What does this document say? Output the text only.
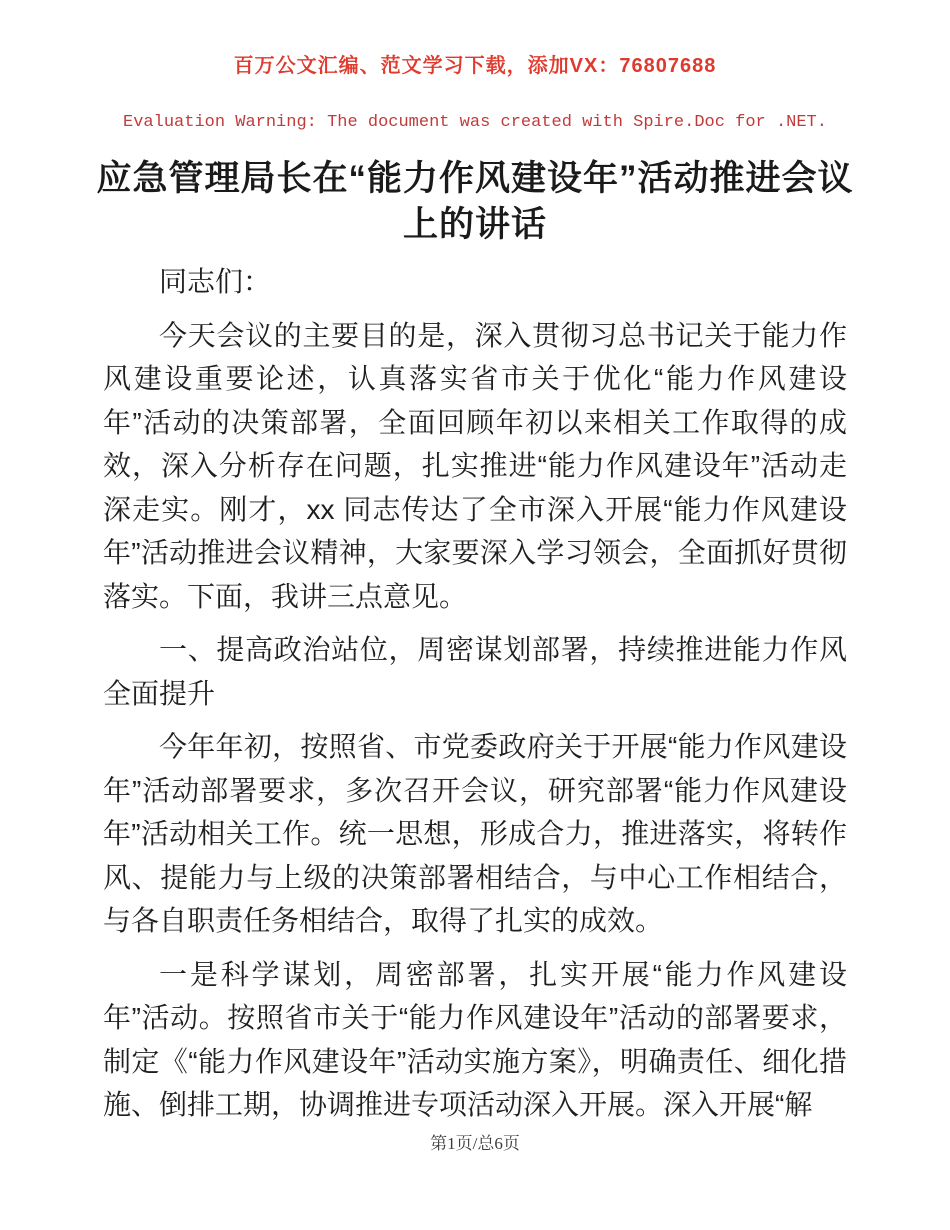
百万公文汇编、范文学习下载，添加VX：76807688
Evaluation Warning: The document was created with Spire.Doc for .NET.
应急管理局长在“能力作风建设年”活动推进会议上的讲话

同志们：

今天会议的主要目的是，深入贯彻习总书记关于能力作风建设重要论述，认真落实省市关于优化“能力作风建设年”活动的决策部署，全面回顾年初以来相关工作取得的成效，深入分析存在问题，扎实推进“能力作风建设年”活动走深走实。刚才，xx 同志传达了全市深入开展“能力作风建设年”活动推进会议精神，大家要深入学习领会，全面抓好贯彻落实。下面，我讲三点意见。

一、提高政治站位，周密谋划部署，持续推进能力作风全面提升

今年年初，按照省、市党委政府关于开展“能力作风建设年”活动部署要求，多次召开会议，研究部署“能力作风建设年”活动相关工作。统一思想，形成合力，推进落实，将转作风、提能力与上级的决策部署相结合，与中心工作相结合，与各自职责任务相结合，取得了扎实的成效。

一是科学谋划，周密部署，扎实开展“能力作风建设年”活动。按照省市关于“能力作风建设年”活动的部署要求，制定《“能力作风建设年”活动实施方案》，明确责任、细化措施、倒排工期，协调推进专项活动深入开展。深入开展“解

第1页/总6页
